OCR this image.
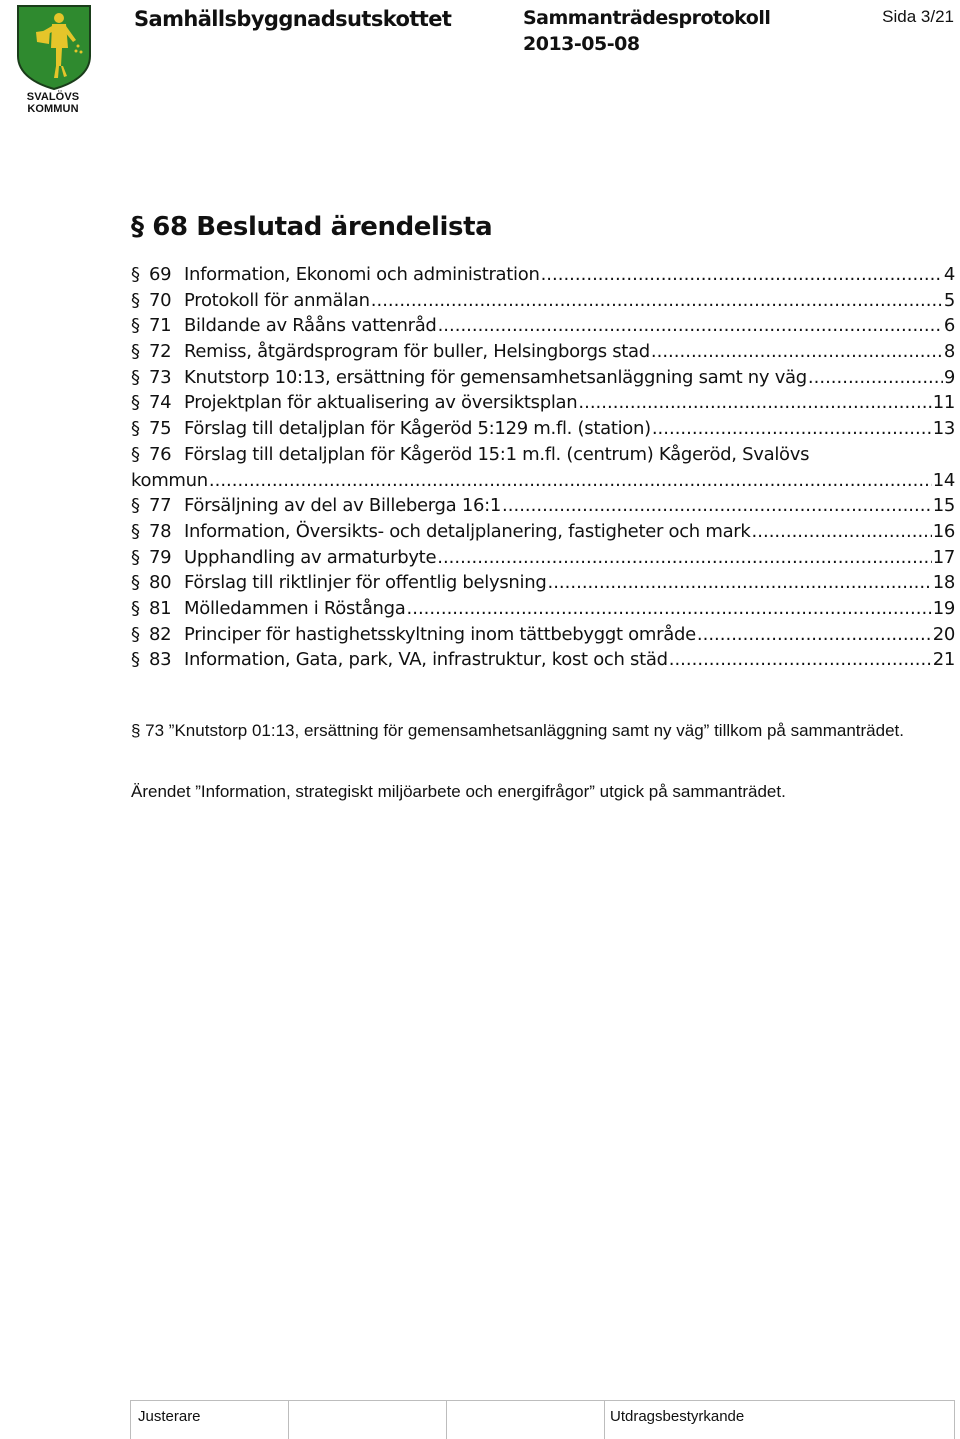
SVALÖVS KOMMUN
Samhällsbyggnadsutskottet	Sammanträdesprotokoll
2013-05-08
Sida 3/21
§ 68 Beslutad ärendelista
§ 69 Information, Ekonomi och administration .....	4
§ 70 Protokoll för anmälan .....	5
§ 71 Bildande av Rååns vattenråd .....	6
§ 72 Remiss, åtgärdsprogram för buller, Helsingborgs stad .....	8
§ 73 Knutstorp 10:13, ersättning för gemensamhetsanläggning samt ny väg .....	9
§ 74 Projektplan för aktualisering av översiktsplan .....	11
§ 75 Förslag till detaljplan för Kågeröd 5:129 m.fl. (station) .....	13
§ 76 Förslag till detaljplan för Kågeröd 15:1 m.fl. (centrum) Kågeröd, Svalövs
kommun .....	14
§ 77 Försäljning av del av Billeberga 16:1 .....	15
§ 78 Information, Översikts- och detaljplanering, fastigheter och mark .....	16
§ 79 Upphandling av armaturbyte .....	17
§ 80 Förslag till riktlinjer för offentlig belysning .....	18
§ 81 Mölledammen i Röstånga .....	19
§ 82 Principer för hastighetsskyltning inom tättbebyggt område .....	20
§ 83 Information, Gata, park, VA, infrastruktur, kost och städ .....	21
§ 73 ”Knutstorp 01:13, ersättning för gemensamhetsanläggning samt ny väg” tillkom på sammanträdet.
Ärendet ”Information, strategiskt miljöarbete och energifrågor” utgick på sammanträdet.
Justerare	Utdragsbestyrkande
